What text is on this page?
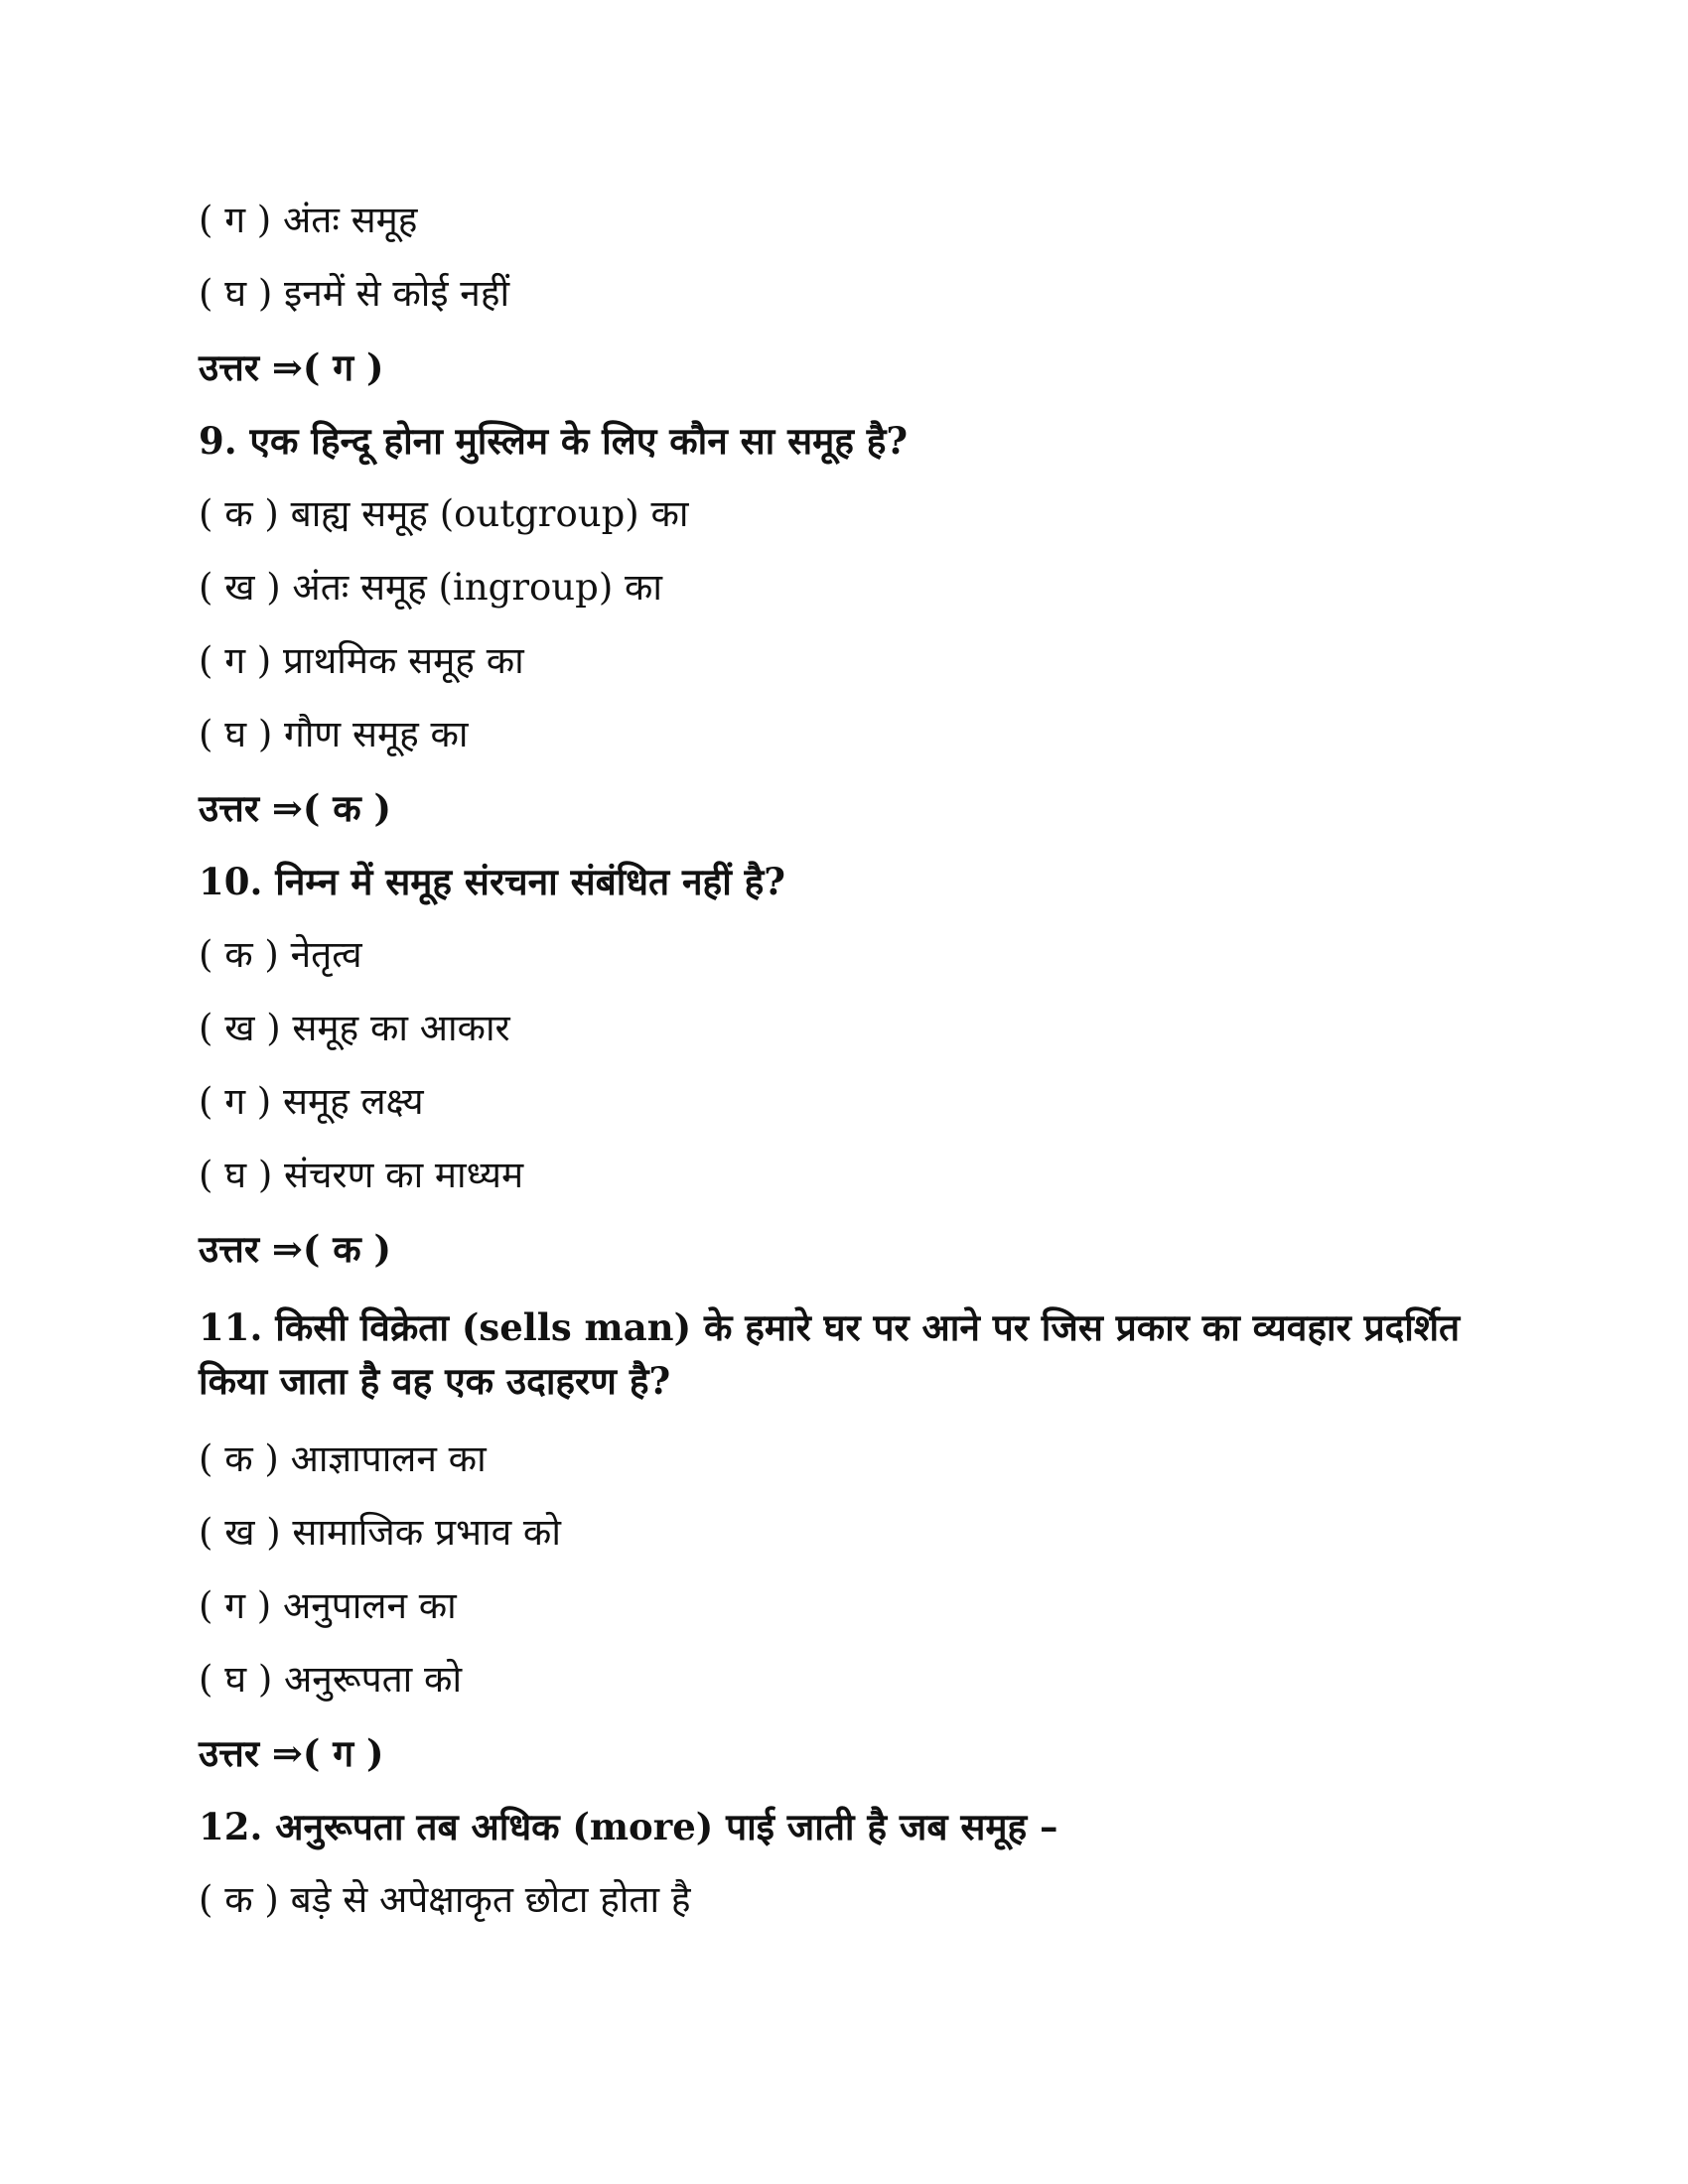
( ग ) अंतः समूह
( घ ) इनमें से कोई नहीं
उत्तर ⇒( ग )
9. एक हिन्दू होना मुस्लिम के लिए कौन सा समूह है?
( क ) बाह्य समूह (outgroup) का
( ख ) अंतः समूह (ingroup) का
( ग ) प्राथमिक समूह का
( घ ) गौण समूह का
उत्तर ⇒( क )
10. निम्न में समूह संरचना संबंधित नहीं है?
( क ) नेतृत्व
( ख ) समूह का आकार
( ग ) समूह लक्ष्य
( घ ) संचरण का माध्यम
उत्तर ⇒( क )
11. किसी विक्रेता (sells man) के हमारे घर पर आने पर जिस प्रकार का व्यवहार प्रदर्शित किया जाता है वह एक उदाहरण है?
( क ) आज्ञापालन का
( ख ) सामाजिक प्रभाव को
( ग ) अनुपालन का
( घ ) अनुरूपता को
उत्तर ⇒( ग )
12. अनुरूपता तब अधिक (more) पाई जाती है जब समूह –
( क ) बड़े से अपेक्षाकृत छोटा होता है
